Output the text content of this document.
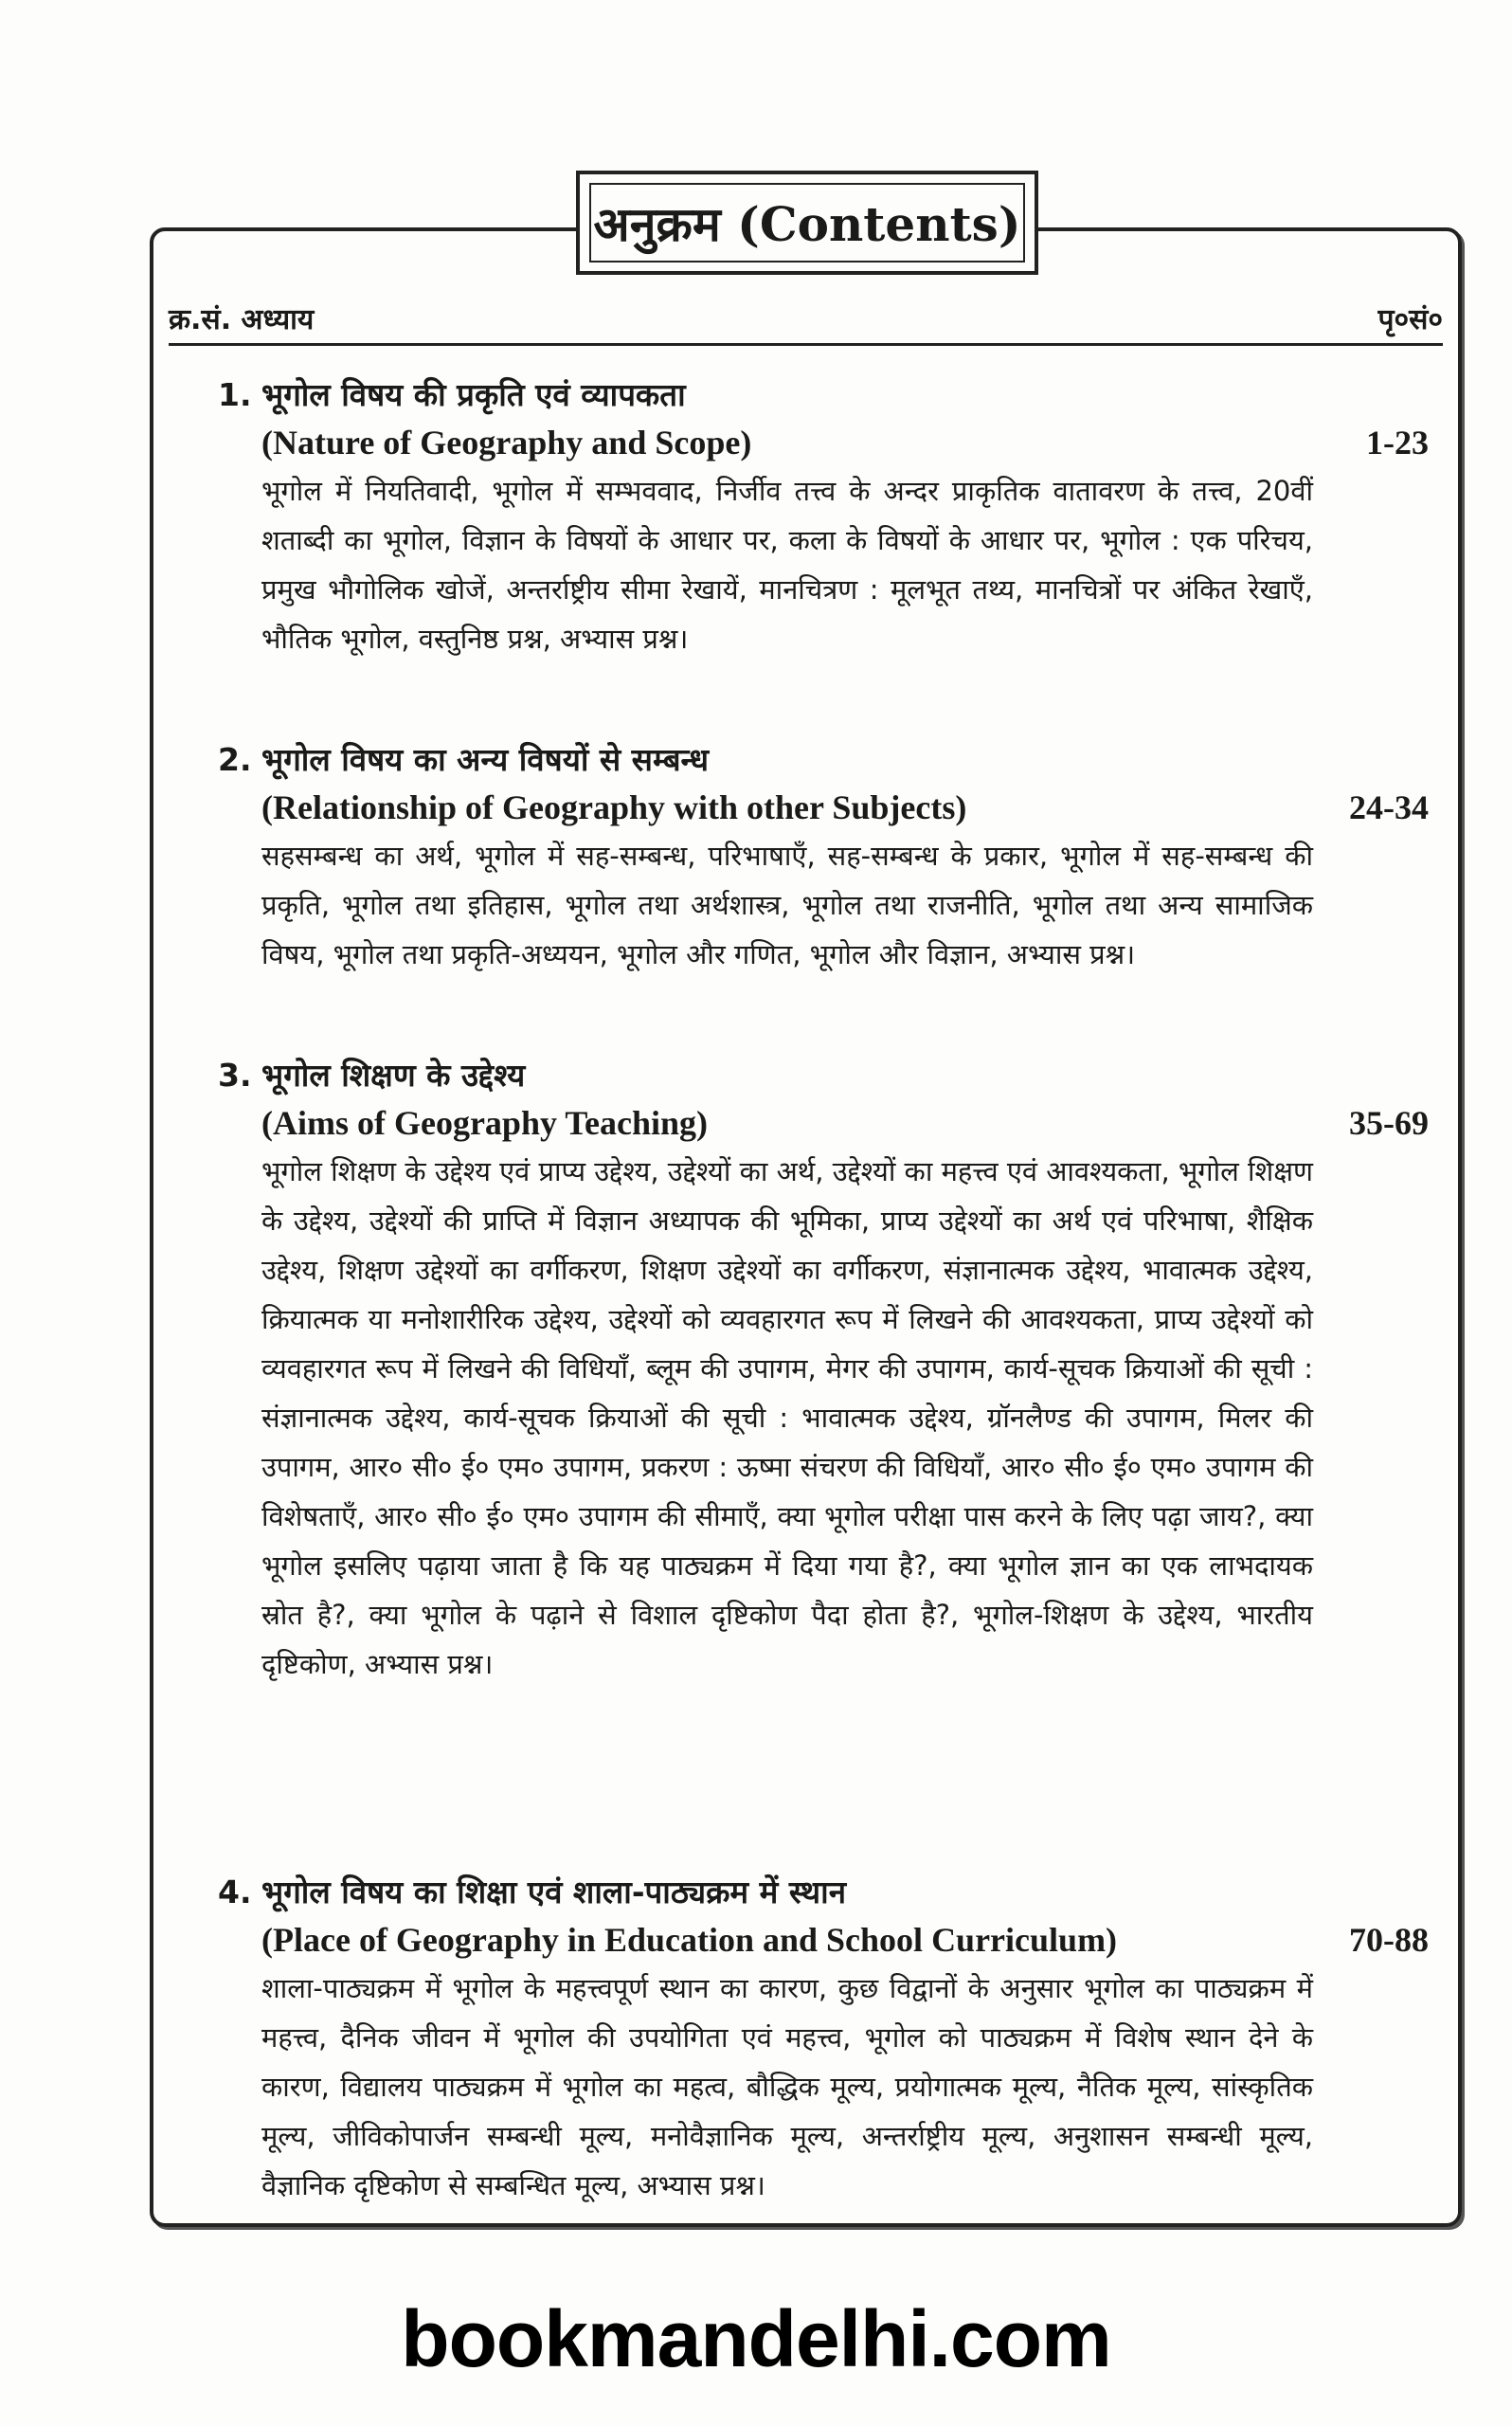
अनुक्रम (Contents)
क्र.सं. अध्याय	पृ०सं०
1. भूगोल विषय की प्रकृति एवं व्यापकता
(Nature of Geography and Scope)	1-23
भूगोल में नियतिवादी, भूगोल में सम्भववाद, निर्जीव तत्त्व के अन्दर प्राकृतिक वातावरण के तत्त्व, 20वीं शताब्दी का भूगोल, विज्ञान के विषयों के आधार पर, कला के विषयों के आधार पर, भूगोल : एक परिचय, प्रमुख भौगोलिक खोजें, अन्तर्राष्ट्रीय सीमा रेखायें, मानचित्रण : मूलभूत तथ्य, मानचित्रों पर अंकित रेखाएँ, भौतिक भूगोल, वस्तुनिष्ठ प्रश्न, अभ्यास प्रश्न।
2. भूगोल विषय का अन्य विषयों से सम्बन्ध
(Relationship of Geography with other Subjects)	24-34
सहसम्बन्ध का अर्थ, भूगोल में सह-सम्बन्ध, परिभाषाएँ, सह-सम्बन्ध के प्रकार, भूगोल में सह-सम्बन्ध की प्रकृति, भूगोल तथा इतिहास, भूगोल तथा अर्थशास्त्र, भूगोल तथा राजनीति, भूगोल तथा अन्य सामाजिक विषय, भूगोल तथा प्रकृति-अध्ययन, भूगोल और गणित, भूगोल और विज्ञान, अभ्यास प्रश्न।
3. भूगोल शिक्षण के उद्देश्य
(Aims of Geography Teaching)	35-69
भूगोल शिक्षण के उद्देश्य एवं प्राप्य उद्देश्य, उद्देश्यों का अर्थ, उद्देश्यों का महत्त्व एवं आवश्यकता, भूगोल शिक्षण के उद्देश्य, उद्देश्यों की प्राप्ति में विज्ञान अध्यापक की भूमिका, प्राप्य उद्देश्यों का अर्थ एवं परिभाषा, शैक्षिक उद्देश्य, शिक्षण उद्देश्यों का वर्गीकरण, शिक्षण उद्देश्यों का वर्गीकरण, संज्ञानात्मक उद्देश्य, भावात्मक उद्देश्य, क्रियात्मक या मनोशारीरिक उद्देश्य, उद्देश्यों को व्यवहारगत रूप में लिखने की आवश्यकता, प्राप्य उद्देश्यों को व्यवहारगत रूप में लिखने की विधियाँ, ब्लूम की उपागम, मेगर की उपागम, कार्य-सूचक क्रियाओं की सूची : संज्ञानात्मक उद्देश्य, कार्य-सूचक क्रियाओं की सूची : भावात्मक उद्देश्य, ग्रॉनलैण्ड की उपागम, मिलर की उपागम, आर० सी० ई० एम० उपागम, प्रकरण : ऊष्मा संचरण की विधियाँ, आर० सी० ई० एम० उपागम की विशेषताएँ, आर० सी० ई० एम० उपागम की सीमाएँ, क्या भूगोल परीक्षा पास करने के लिए पढ़ा जाय?, क्या भूगोल इसलिए पढ़ाया जाता है कि यह पाठ्यक्रम में दिया गया है?, क्या भूगोल ज्ञान का एक लाभदायक स्रोत है?, क्या भूगोल के पढ़ाने से विशाल दृष्टिकोण पैदा होता है?, भूगोल-शिक्षण के उद्देश्य, भारतीय दृष्टिकोण, अभ्यास प्रश्न।
4. भूगोल विषय का शिक्षा एवं शाला-पाठ्यक्रम में स्थान
(Place of Geography in Education and School Curriculum)	70-88
शाला-पाठ्यक्रम में भूगोल के महत्त्वपूर्ण स्थान का कारण, कुछ विद्वानों के अनुसार भूगोल का पाठ्यक्रम में महत्त्व, दैनिक जीवन में भूगोल की उपयोगिता एवं महत्त्व, भूगोल को पाठ्यक्रम में विशेष स्थान देने के कारण, विद्यालय पाठ्यक्रम में भूगोल का महत्व, बौद्धिक मूल्य, प्रयोगात्मक मूल्य, नैतिक मूल्य, सांस्कृतिक मूल्य, जीविकोपार्जन सम्बन्धी मूल्य, मनोवैज्ञानिक मूल्य, अन्तर्राष्ट्रीय मूल्य, अनुशासन सम्बन्धी मूल्य, वैज्ञानिक दृष्टिकोण से सम्बन्धित मूल्य, अभ्यास प्रश्न।
bookmandelhi.com
